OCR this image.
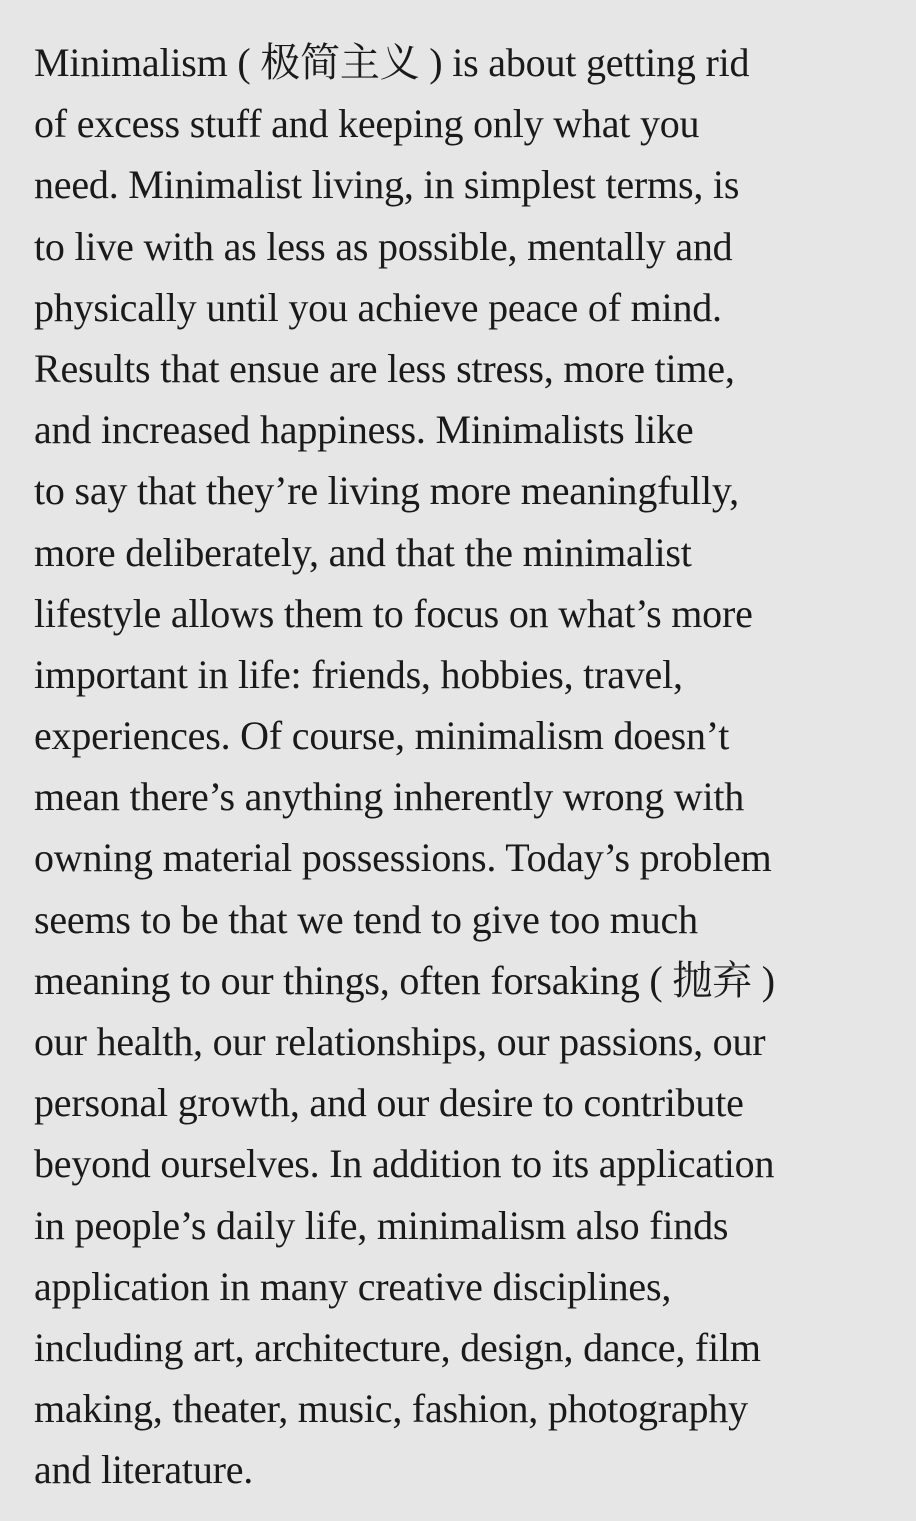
Minimalism ( 极简主义 ) is about getting rid
of excess stuff and keeping only what you
need. Minimalist living, in simplest terms, is
to live with as less as possible, mentally and
physically until you achieve peace of mind.
Results that ensue are less stress, more time,
and increased happiness. Minimalists like
to say that they’re living more meaningfully,
more deliberately, and that the minimalist
lifestyle allows them to focus on what’s more
important in life: friends, hobbies, travel,
experiences. Of course, minimalism doesn’t
mean there’s anything inherently wrong with
owning material possessions. Today’s problem
seems to be that we tend to give too much
meaning to our things, often forsaking ( 抛弃 )
our health, our relationships, our passions, our
personal growth, and our desire to contribute
beyond ourselves. In addition to its application
in people’s daily life, minimalism also finds
application in many creative disciplines,
including art, architecture, design, dance, film
making, theater, music, fashion, photography
and literature.
